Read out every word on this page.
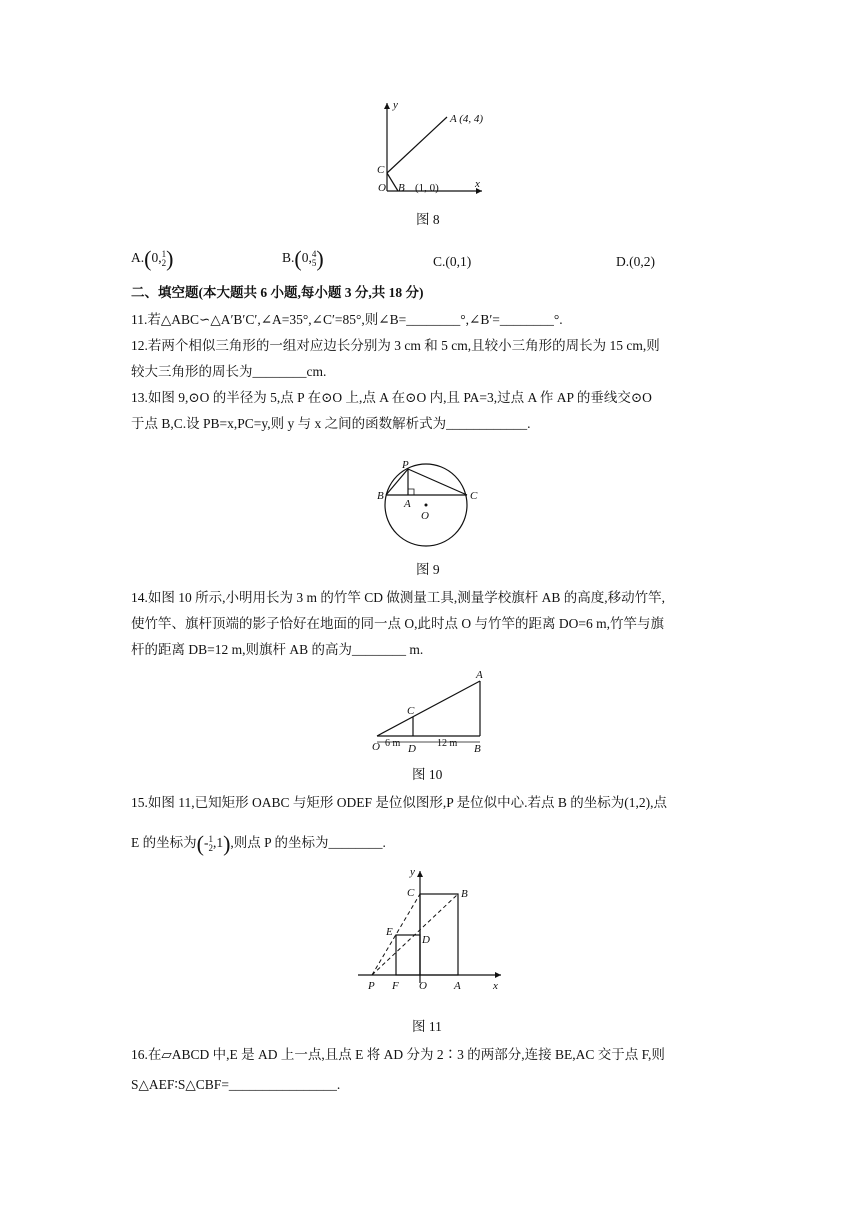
y
x
A (4, 4)
C
O B (1, 0)
图 8
A.(0,1
2)	B.(0,4
5)	C.(0,1)	D.(0,2)
二、填空题(本大题共 6 小题,每小题 3 分,共 18 分)
11.若△ABC∽△A′B′C′,∠A=35°,∠C′=85°,则∠B=________°,∠B′=________°.
12.若两个相似三角形的一组对应边长分别为 3 cm 和 5 cm,且较小三角形的周长为 15 cm,则
较大三角形的周长为________cm.
13.如图 9,⊙O 的半径为 5,点 P 在⊙O 上,点 A 在⊙O 内,且 PA=3,过点 A 作 AP 的垂线交⊙O
于点 B,C.设 PB=x,PC=y,则 y 与 x 之间的函数解析式为____________.
P
B	C
A
O
图 9
14.如图 10 所示,小明用长为 3 m 的竹竿 CD 做测量工具,测量学校旗杆 AB 的高度,移动竹竿,
使竹竿、旗杆顶端的影子恰好在地面的同一点 O,此时点 O 与竹竿的距离 DO=6 m,竹竿与旗
杆的距离 DB=12 m,则旗杆 AB 的高为________ m.
A
C
O	D	B
6 m	12 m
图 10
15.如图 11,已知矩形 OABC 与矩形 ODEF 是位似图形,P 是位似中心.若点 B 的坐标为(1,2),点
E 的坐标为(-1
2,1),则点 P 的坐标为________.
y
x
C	B
E
D
P F O A
图 11
16.在▱ABCD 中,E 是 AD 上一点,且点 E 将 AD 分为 2∶3 的两部分,连接 BE,AC 交于点 F,则
S△AEF∶S△CBF=________________.
